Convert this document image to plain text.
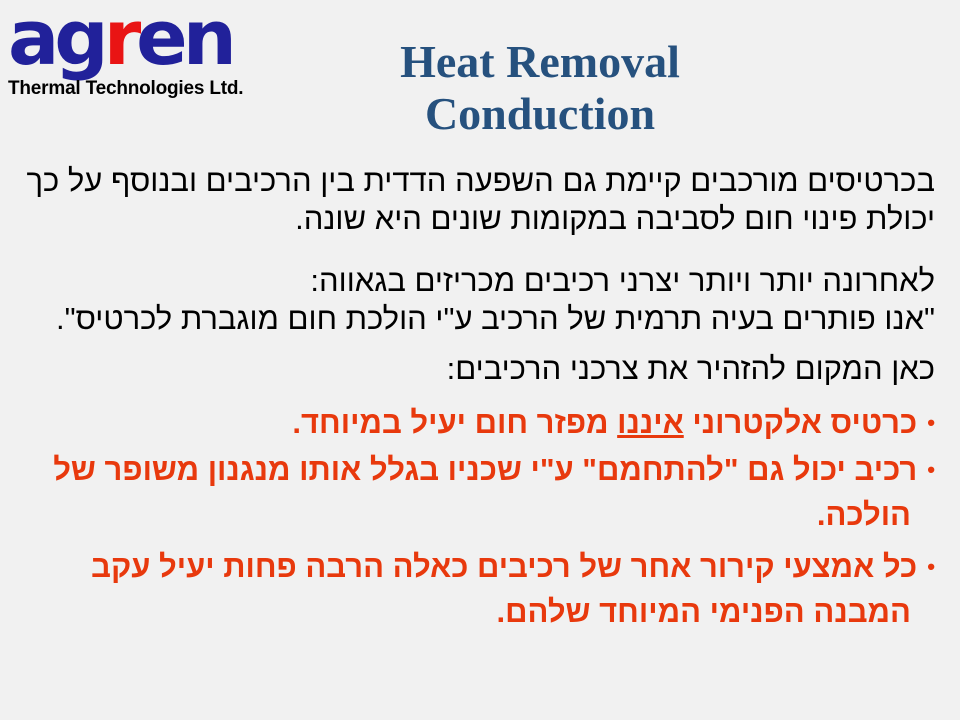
agren
Thermal Technologies Ltd.
Heat Removal
Conduction
בכרטיסים מורכבים קיימת גם השפעה הדדית בין הרכיבים ובנוסף על כך
יכולת פינוי חום לסביבה במקומות שונים היא שונה.
לאחרונה יותר ויותר יצרני רכיבים מכריזים בגאווה:
"אנו פותרים בעיה תרמית של הרכיב ע"י הולכת חום מוגברת לכרטיס".
כאן המקום להזהיר את צרכני הרכיבים:
•כרטיס אלקטרוני איננו מפזר חום יעיל במיוחד.
•רכיב יכול גם "להתחמם" ע"י שכניו בגלל אותו מנגנון משופר של
הולכה.
•כל אמצעי קירור אחר של רכיבים כאלה הרבה פחות יעיל עקב
המבנה הפנימי המיוחד שלהם.
